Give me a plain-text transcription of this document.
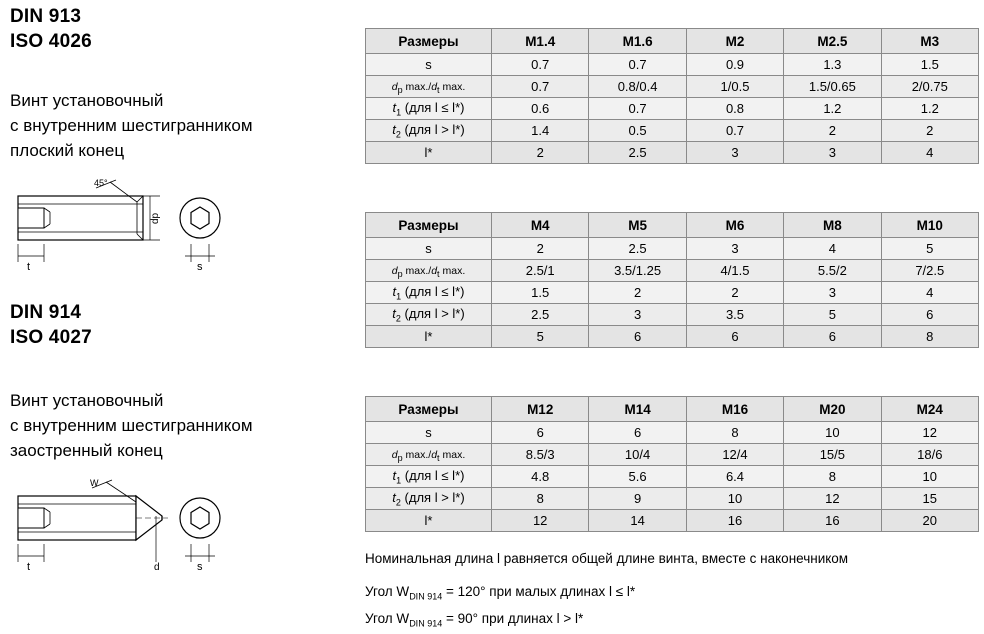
DIN 913
ISO 4026
Винт установочный
с внутренним шестигранником
плоский конец
45°
t
dp
s
DIN 914
ISO 4027
Винт установочный
с внутренним шестигранником
заостренный конец
W
t	d	s
Размеры	M1.4	M1.6	M2	M2.5	M3
s	0.7	0.7	0.9	1.3	1.5
dp max./dt max.	0.7	0.8/0.4	1/0.5	1.5/0.65	2/0.75
$t_1$ (для l ≤ l*)	0.6	0.7	0.8	1.2	1.2
$t_2$ (для l > l*)	1.4	0.5	0.7	2	2
l*	2	2.5	3	3	4
Размеры	M4	M5	M6	M8	M10
s	2	2.5	3	4	5
dp max./dt max.	2.5/1	3.5/1.25	4/1.5	5.5/2	7/2.5
$t_1$ (для l ≤ l*)	1.5	2	2	3	4
$t_2$ (для l > l*)	2.5	3	3.5	5	6
l*	5	6	6	6	8
Размеры	M12	M14	M16	M20	M24
s	6	6	8	10	12
dp max./dt max.	8.5/3	10/4	12/4	15/5	18/6
$t_1$ (для l ≤ l*)	4.8	5.6	6.4	8	10
$t_2$ (для l > l*)	8	9	10	12	15
l*	12	14	16	16	20
Номинальная длина l равняется общей длине винта, вместе с наконечником
Угол $W_{DIN 914} = 120^\circ$ при малых длинах l ≤ l*
Угол $W_{DIN 914} = 90^\circ$ при длинах l > l*
